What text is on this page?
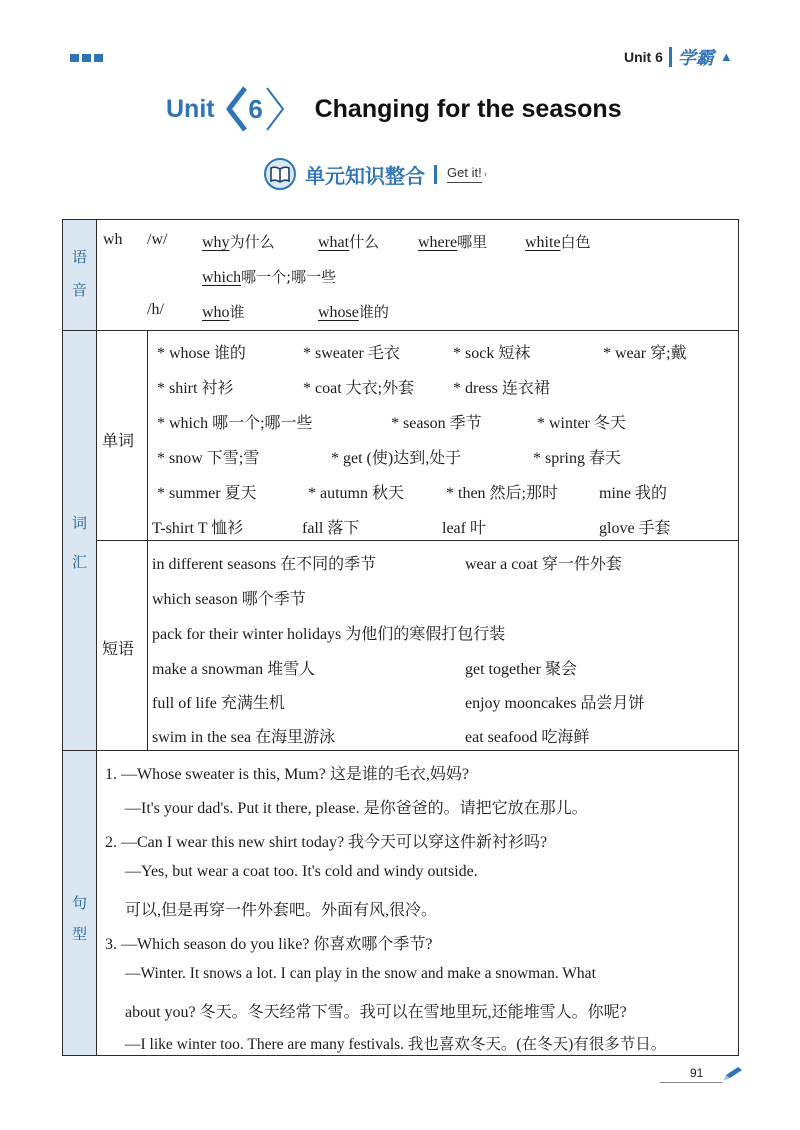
Unit 6 学霸 ▲
Unit	6	Changing for the seasons
单元知识整合 Get it! ›
语
音
词
汇
句
型
单词
短语
wh /w/ why为什么	what什么 where哪里 white白色
which哪一个;哪一些
/h/ who谁	whose谁的
* whose 谁的	* sweater 毛衣	* sock 短袜	* wear 穿;戴
* shirt 衬衫	* coat 大衣;外套 * dress 连衣裙
* which 哪一个;哪一些	* season 季节	* winter 冬天
* snow 下雪;雪	* get (使)达到,处于	* spring 春天
* summer 夏天	* autumn 秋天	* then 然后;那时	mine 我的
T-shirt T 恤衫	fall 落下	leaf 叶	glove 手套
in different seasons 在不同的季节	wear a coat 穿一件外套
which season 哪个季节
pack for their winter holidays 为他们的寒假打包行装
make a snowman 堆雪人	get together 聚会
full of life 充满生机	enjoy mooncakes 品尝月饼
swim in the sea 在海里游泳	eat seafood 吃海鲜
1. —Whose sweater is this, Mum? 这是谁的毛衣,妈妈?
—It's your dad's. Put it there, please. 是你爸爸的。请把它放在那儿。
2. —Can I wear this new shirt today? 我今天可以穿这件新衬衫吗?
—Yes, but wear a coat too. It's cold and windy outside.
可以,但是再穿一件外套吧。外面有风,很冷。
3. —Which season do you like? 你喜欢哪个季节?
—Winter. It snows a lot. I can play in the snow and make a snowman. What
about you? 冬天。冬天经常下雪。我可以在雪地里玩,还能堆雪人。你呢?
—I like winter too. There are many festivals. 我也喜欢冬天。(在冬天)有很多节日。
91
